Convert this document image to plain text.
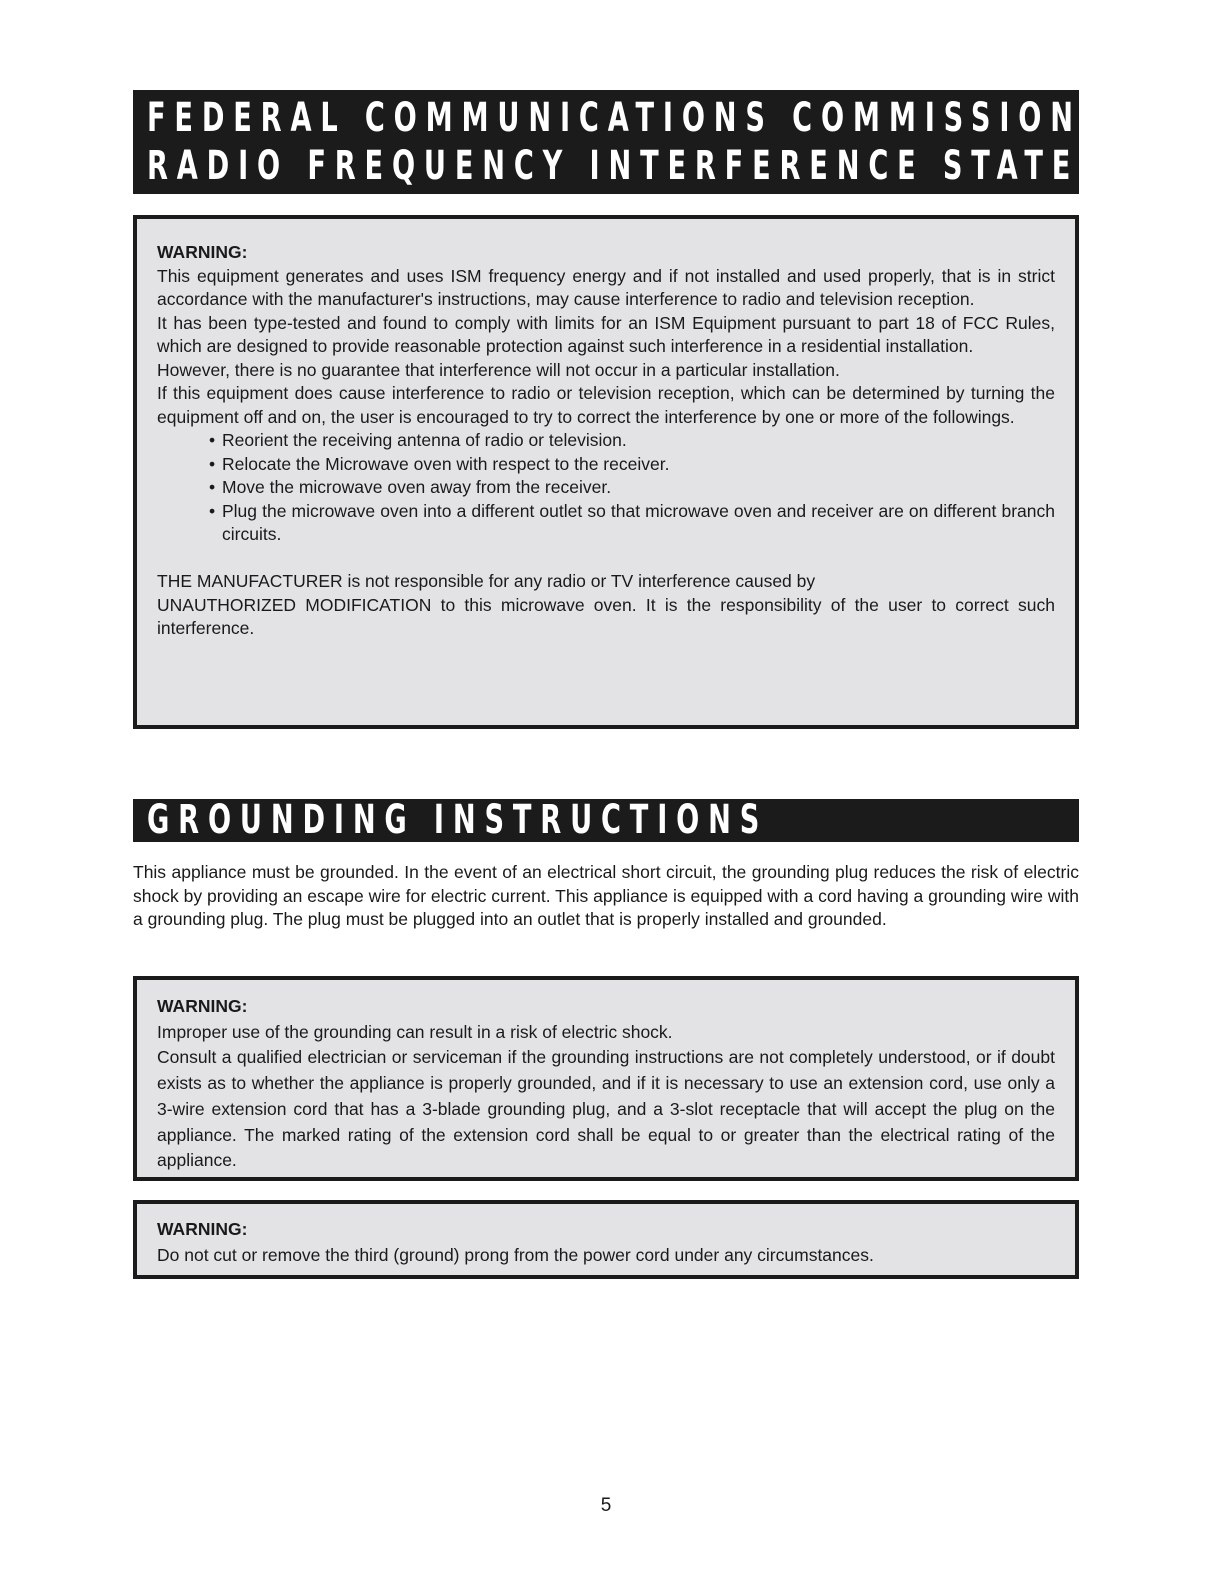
FEDERAL COMMUNICATIONS COMMISSION
RADIO FREQUENCY INTERFERENCE STATEMENT

WARNING:

This equipment generates and uses ISM frequency energy and if not installed and used properly, that is in strict accordance with the manufacturer's instructions, may cause interference to radio and television reception.

It has been type-tested and found to comply with limits for an ISM Equipment pursuant to part 18 of FCC Rules, which are designed to provide reasonable protection against such interference in a residential installation.

However, there is no guarantee that interference will not occur in a particular installation.

If this equipment does cause interference to radio or television reception, which can be determined by turning the equipment off and on, the user is encouraged to try to correct the interference by one or more of the followings.

• Reorient the receiving antenna of radio or television.
• Relocate the Microwave oven with respect to the receiver.
• Move the microwave oven away from the receiver.
• Plug the microwave oven into a different outlet so that microwave oven and receiver are on different branch circuits.

THE MANUFACTURER is not responsible for any radio or TV interference caused by

UNAUTHORIZED MODIFICATION to this microwave oven. It is the responsibility of the user to correct such interference.

GROUNDING INSTRUCTIONS

This appliance must be grounded. In the event of an electrical short circuit, the grounding plug reduces the risk of electric shock by providing an escape wire for electric current. This appliance is equipped with a cord having a grounding wire with a grounding plug. The plug must be plugged into an outlet that is properly installed and grounded.

WARNING:

Improper use of the grounding can result in a risk of electric shock.

Consult a qualified electrician or serviceman if the grounding instructions are not completely understood, or if doubt exists as to whether the appliance is properly grounded, and if it is necessary to use an extension cord, use only a 3-wire extension cord that has a 3-blade grounding plug, and a 3-slot receptacle that will accept the plug on the appliance. The marked rating of the extension cord shall be equal to or greater than the electrical rating of the appliance.

WARNING:

Do not cut or remove the third (ground) prong from the power cord under any circumstances.

5
